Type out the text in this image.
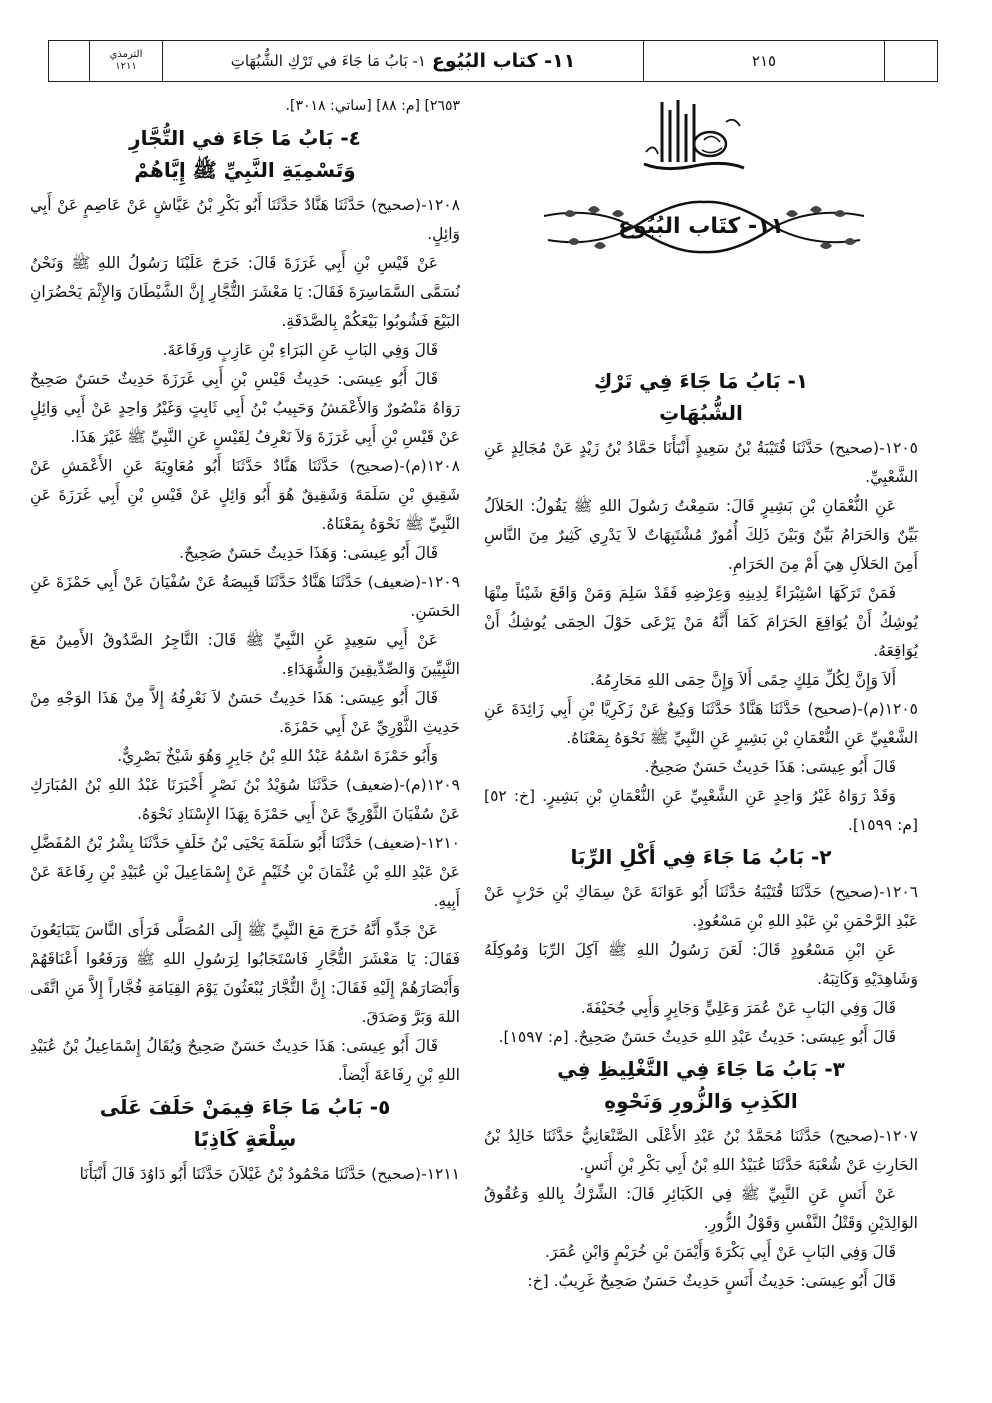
الترمذي
١٢١١	١١- كتاب البُيُوع
١- بَابُ مَا جَاءَ في تَرْكِ الشُّبُهَاتِ	٢١٥

٢٦٥٣] [م: ٨٨] [ساتي: ٣٠١٨].

٤- بَابُ مَا جَاءَ في التُّجَّارِ
وَتَسْمِيَةِ النَّبِيِّ ﷺ إِيَّاهُمْ

١٢٠٨-(صحيح) حَدَّثَنَا هَنَّادٌ حَدَّثَنَا أَبُو بَكْرِ بْنُ عَيَّاشٍ عَنْ عَاصِمٍ عَنْ أَبِي وَائِلٍ.

عَنْ قَيْسِ بْنِ أَبِي غَرَزَةَ قَالَ: خَرَجَ عَلَيْنَا رَسُولُ اللهِ ﷺ وَنَحْنُ نُسَمَّى السَّمَاسِرَةَ فَقَالَ: يَا مَعْشَرَ التُّجَّارِ إِنَّ الشَّيْطَانَ وَالإِثْمَ يَحْضُرَانِ البَيْعَ فَشُوبُوا بَيْعَكُمْ بِالصَّدَقَةِ.

قَالَ وَفِي البَابِ عَنِ البَرَاءِ بْنِ عَازِبٍ وَرِفَاعَةَ.

قَالَ أَبُو عِيسَى: حَدِيثُ قَيْسِ بْنِ أَبِي غَرَزَةَ حَدِيثٌ حَسَنٌ صَحِيحٌ رَوَاهُ مَنْصُورٌ وَالأَعْمَشُ وَحَبِيبُ بْنُ أَبِي ثَابِتٍ وَغَيْرُ وَاحِدٍ عَنْ أَبِي وَائِلٍ عَنْ قَيْسِ بْنِ أَبِي غَرَزَةَ وَلاَ نَعْرِفُ لِقَيْسٍ عَنِ النَّبِيِّ ﷺ غَيْرَ هَذَا.

١٢٠٨(م)-(صحيح) حَدَّثَنَا هَنَّادٌ حَدَّثَنَا أَبُو مُعَاوِيَةَ عَنِ الأَعْمَشِ عَنْ شَقِيقِ بْنِ سَلَمَةَ وَشَقِيقٌ هُوَ أَبُو وَائِلٍ عَنْ قَيْسِ بْنِ أَبِي غَرَزَةَ عَنِ النَّبِيِّ ﷺ نَحْوَهُ بِمَعْنَاهُ.

قَالَ أَبُو عِيسَى: وَهَذَا حَدِيثٌ حَسَنٌ صَحِيحٌ.

١٢٠٩-(ضعيف) حَدَّثَنَا هَنَّادٌ حَدَّثَنَا قَبِيصَةُ عَنْ سُفْيَانَ عَنْ أَبِي حَمْزَةَ عَنِ الحَسَنِ.

عَنْ أَبِي سَعِيدٍ عَنِ النَّبِيِّ ﷺ قَالَ: التَّاجِرُ الصَّدُوقُ الأَمِينُ مَعَ النَّبِيِّينَ وَالصِّدِّيقِينَ وَالشُّهَدَاءِ.

قَالَ أَبُو عِيسَى: هَذَا حَدِيثٌ حَسَنٌ لاَ نَعْرِفُهُ إِلاَّ مِنْ هَذَا الوَجْهِ مِنْ حَدِيثِ الثَّوْرِيِّ عَنْ أَبِي حَمْزَةَ.

وَأَبُو حَمْزَةَ اسْمُهُ عَبْدُ اللهِ بْنُ جَابِرٍ وَهُوَ شَيْخٌ بَصْرِيٌّ.

١٢٠٩(م)-(ضعيف) حَدَّثَنَا سُوَيْدُ بْنُ نَصْرٍ أَخْبَرَنَا عَبْدُ اللهِ بْنُ المُبَارَكِ عَنْ سُفْيَانَ الثَّوْرِيِّ عَنْ أَبِي حَمْزَةَ بِهَذَا الإِسْنَادِ نَحْوَهُ.

١٢١٠-(ضعيف) حَدَّثَنَا أَبُو سَلَمَةَ يَحْيَى بْنُ خَلَفٍ حَدَّثَنَا بِشْرُ بْنُ المُفَضَّلِ عَنْ عَبْدِ اللهِ بْنِ عُثْمَانَ بْنِ خُثَيْمٍ عَنْ إِسْمَاعِيلَ بْنِ عُبَيْدِ بْنِ رِفَاعَةَ عَنْ أَبِيهِ.

عَنْ جَدِّهِ أَنَّهُ خَرَجَ مَعَ النَّبِيِّ ﷺ إِلَى المُصَلَّى فَرَأَى النَّاسَ يَتَبَايَعُونَ فَقَالَ: يَا مَعْشَرَ التُّجَّارِ فَاسْتَجَابُوا لِرَسُولِ اللهِ ﷺ وَرَفَعُوا أَعْنَاقَهُمْ وَأَبْصَارَهُمْ إِلَيْهِ فَقَالَ: إِنَّ التُّجَّارَ يُبْعَثُونَ يَوْمَ القِيَامَةِ فُجَّاراً إِلاَّ مَنِ اتَّقَى اللهَ وَبَرَّ وَصَدَقَ.

قَالَ أَبُو عِيسَى: هَذَا حَدِيثٌ حَسَنٌ صَحِيحٌ وَيُقَالُ إِسْمَاعِيلُ بْنُ عُبَيْدِ اللهِ بْنِ رِفَاعَةَ أَيْضاً.

٥- بَابُ مَا جَاءَ فِيمَنْ حَلَفَ عَلَى
سِلْعَةٍ كَاذِبًا

١٢١١-(صحيح) حَدَّثَنَا مَحْمُودُ بْنُ غَيْلاَنَ حَدَّثَنَا أَبُو دَاوُدَ قَالَ أَنْبَأَنَا

١١- كتَاب البُيُوع
١- بَابُ مَا جَاءَ فِي تَرْكِ
الشُّبُهَاتِ

١٢٠٥-(صحيح) حَدَّثَنَا قُتَيْبَةُ بْنُ سَعِيدٍ أَنْبَأَنَا حَمَّادُ بْنُ زَيْدٍ عَنْ مُجَالِدٍ عَنِ الشَّعْبِيِّ.

عَنِ النُّعْمَانِ بْنِ بَشِيرٍ قَالَ: سَمِعْتُ رَسُولَ اللهِ ﷺ يَقُولُ: الحَلاَلُ بَيِّنٌ وَالحَرَامُ بَيِّنٌ وَبَيْنَ ذَلِكَ أُمُورٌ مُشْتَبِهَاتٌ لاَ يَدْرِي كَثِيرٌ مِنَ النَّاسِ أَمِنَ الحَلاَلِ هِيَ أَمْ مِنَ الحَرَامِ.

فَمَنْ تَرَكَهَا اسْتِبْرَاءً لِدِينِهِ وَعِرْضِهِ فَقَدْ سَلِمَ وَمَنْ وَاقَعَ شَيْئاً مِنْهَا يُوشِكُ أَنْ يُوَاقِعَ الحَرَامَ كَمَا أَنَّهُ مَنْ يَرْعَى حَوْلَ الحِمَى يُوشِكُ أَنْ يُوَاقِعَهُ.

أَلاَ وَإِنَّ لِكُلِّ مَلِكٍ حِمًى أَلاَ وَإِنَّ حِمَى اللهِ مَحَارِمُهُ.

١٢٠٥(م)-(صحيح) حَدَّثَنَا هَنَّادٌ حَدَّثَنَا وَكِيعٌ عَنْ زَكَرِيَّا بْنِ أَبِي زَائِدَةَ عَنِ الشَّعْبِيِّ عَنِ النُّعْمَانِ بْنِ بَشِيرٍ عَنِ النَّبِيِّ ﷺ نَحْوَهُ بِمَعْنَاهُ.

قَالَ أَبُو عِيسَى: هَذَا حَدِيثٌ حَسَنٌ صَحِيحٌ.

وَقَدْ رَوَاهُ غَيْرُ وَاحِدٍ عَنِ الشَّعْبِيِّ عَنِ النُّعْمَانِ بْنِ بَشِيرٍ. [خ: ٥٢] [م: ١٥٩٩].

٢- بَابُ مَا جَاءَ فِي أَكْلِ الرِّبَا

١٢٠٦-(صحيح) حَدَّثَنَا قُتَيْبَةُ حَدَّثَنَا أَبُو عَوَانَةَ عَنْ سِمَاكِ بْنِ حَرْبٍ عَنْ عَبْدِ الرَّحْمَنِ بْنِ عَبْدِ اللهِ بْنِ مَسْعُودٍ.

عَنِ ابْنِ مَسْعُودٍ قَالَ: لَعَنَ رَسُولُ اللهِ ﷺ آكِلَ الرِّبَا وَمُوكِلَهُ وَشَاهِدَيْهِ وَكَاتِبَهُ.

قَالَ وَفِي البَابِ عَنْ عُمَرَ وَعَلِيٍّ وَجَابِرٍ وَأَبِي جُحَيْفَةَ.

قَالَ أَبُو عِيسَى: حَدِيثُ عَبْدِ اللهِ حَدِيثٌ حَسَنٌ صَحِيحٌ. [م: ١٥٩٧].

٣- بَابُ مَا جَاءَ فِي التَّغْلِيظِ فِي
الكَذِبِ وَالزُّورِ وَنَحْوِهِ

١٢٠٧-(صحيح) حَدَّثَنَا مُحَمَّدُ بْنُ عَبْدِ الأَعْلَى الصَّنْعَانِيُّ حَدَّثَنَا خَالِدُ بْنُ الحَارِثِ عَنْ شُعْبَةَ حَدَّثَنَا عُبَيْدُ اللهِ بْنُ أَبِي بَكْرِ بْنِ أَنَسٍ.

عَنْ أَنَسٍ عَنِ النَّبِيِّ ﷺ فِي الكَبَائِرِ قَالَ: الشِّرْكُ بِاللهِ وَعُقُوقُ الوَالِدَيْنِ وَقَتْلُ النَّفْسِ وَقَوْلُ الزُّورِ.

قَالَ وَفِي البَابِ عَنْ أَبِي بَكْرَةَ وَأَيْمَنَ بْنِ خُرَيْمٍ وَابْنِ عُمَرَ.

قَالَ أَبُو عِيسَى: حَدِيثُ أَنَسٍ حَدِيثٌ حَسَنٌ صَحِيحٌ غَرِيبٌ. [خ:
